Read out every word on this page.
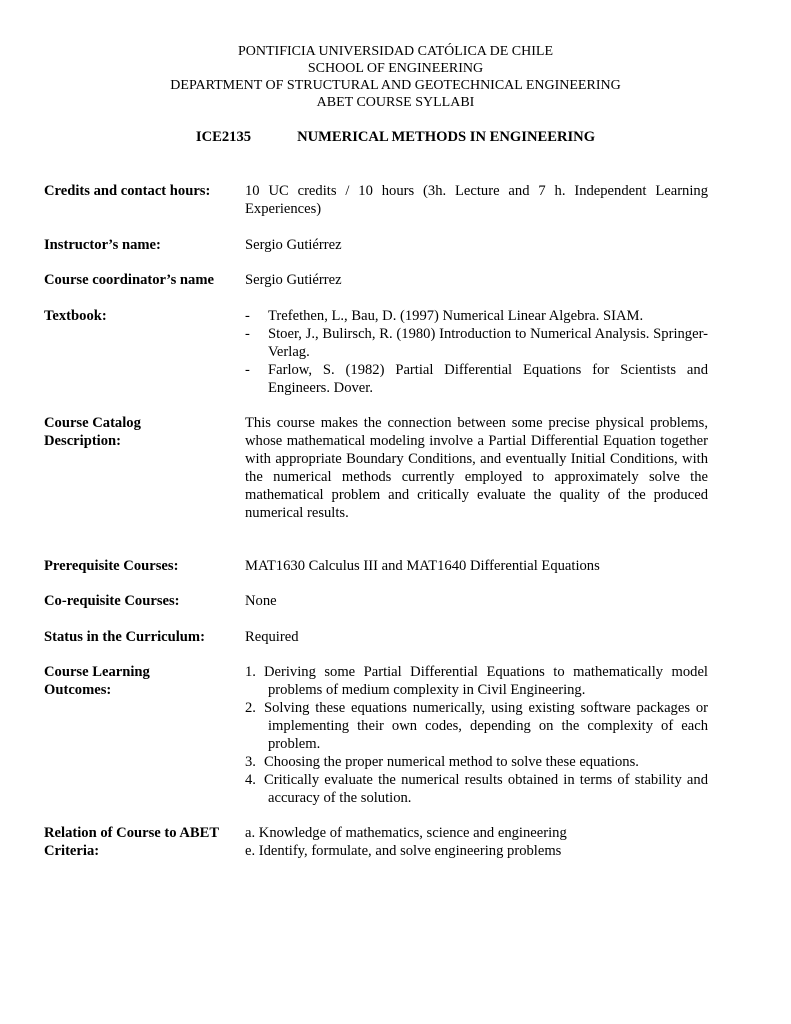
PONTIFICIA UNIVERSIDAD CATÓLICA DE CHILE
SCHOOL OF ENGINEERING
DEPARTMENT OF STRUCTURAL AND GEOTECHNICAL ENGINEERING
ABET COURSE SYLLABI
ICE2135	NUMERICAL METHODS IN ENGINEERING
Credits and contact hours:	10 UC credits / 10 hours (3h. Lecture and 7 h. Independent Learning Experiences)
Instructor’s name:	Sergio Gutiérrez
Course coordinator’s name	Sergio Gutiérrez
Textbook:	- Trefethen, L., Bau, D. (1997) Numerical Linear Algebra. SIAM.
- Stoer, J., Bulirsch, R. (1980) Introduction to Numerical Analysis. Springer-Verlag.
- Farlow, S. (1982) Partial Differential Equations for Scientists and Engineers. Dover.
Course Catalog
Description:
This course makes the connection between some precise physical problems, whose mathematical modeling involve a Partial Differential Equation together with appropriate Boundary Conditions, and eventually Initial Conditions, with the numerical methods currently employed to approximately solve the mathematical problem and critically evaluate the quality of the produced numerical results.
Prerequisite Courses:	MAT1630 Calculus III and MAT1640 Differential Equations
Co-requisite Courses:	None
Status in the Curriculum:	Required
Course Learning
Outcomes:
1. Deriving some Partial Differential Equations to mathematically model problems of medium complexity in Civil Engineering.
2. Solving these equations numerically, using existing software packages or implementing their own codes, depending on the complexity of each problem.
3. Choosing the proper numerical method to solve these equations.
4. Critically evaluate the numerical results obtained in terms of stability and accuracy of the solution.
Relation of Course to ABET
Criteria:
a. Knowledge of mathematics, science and engineering
e. Identify, formulate, and solve engineering problems
